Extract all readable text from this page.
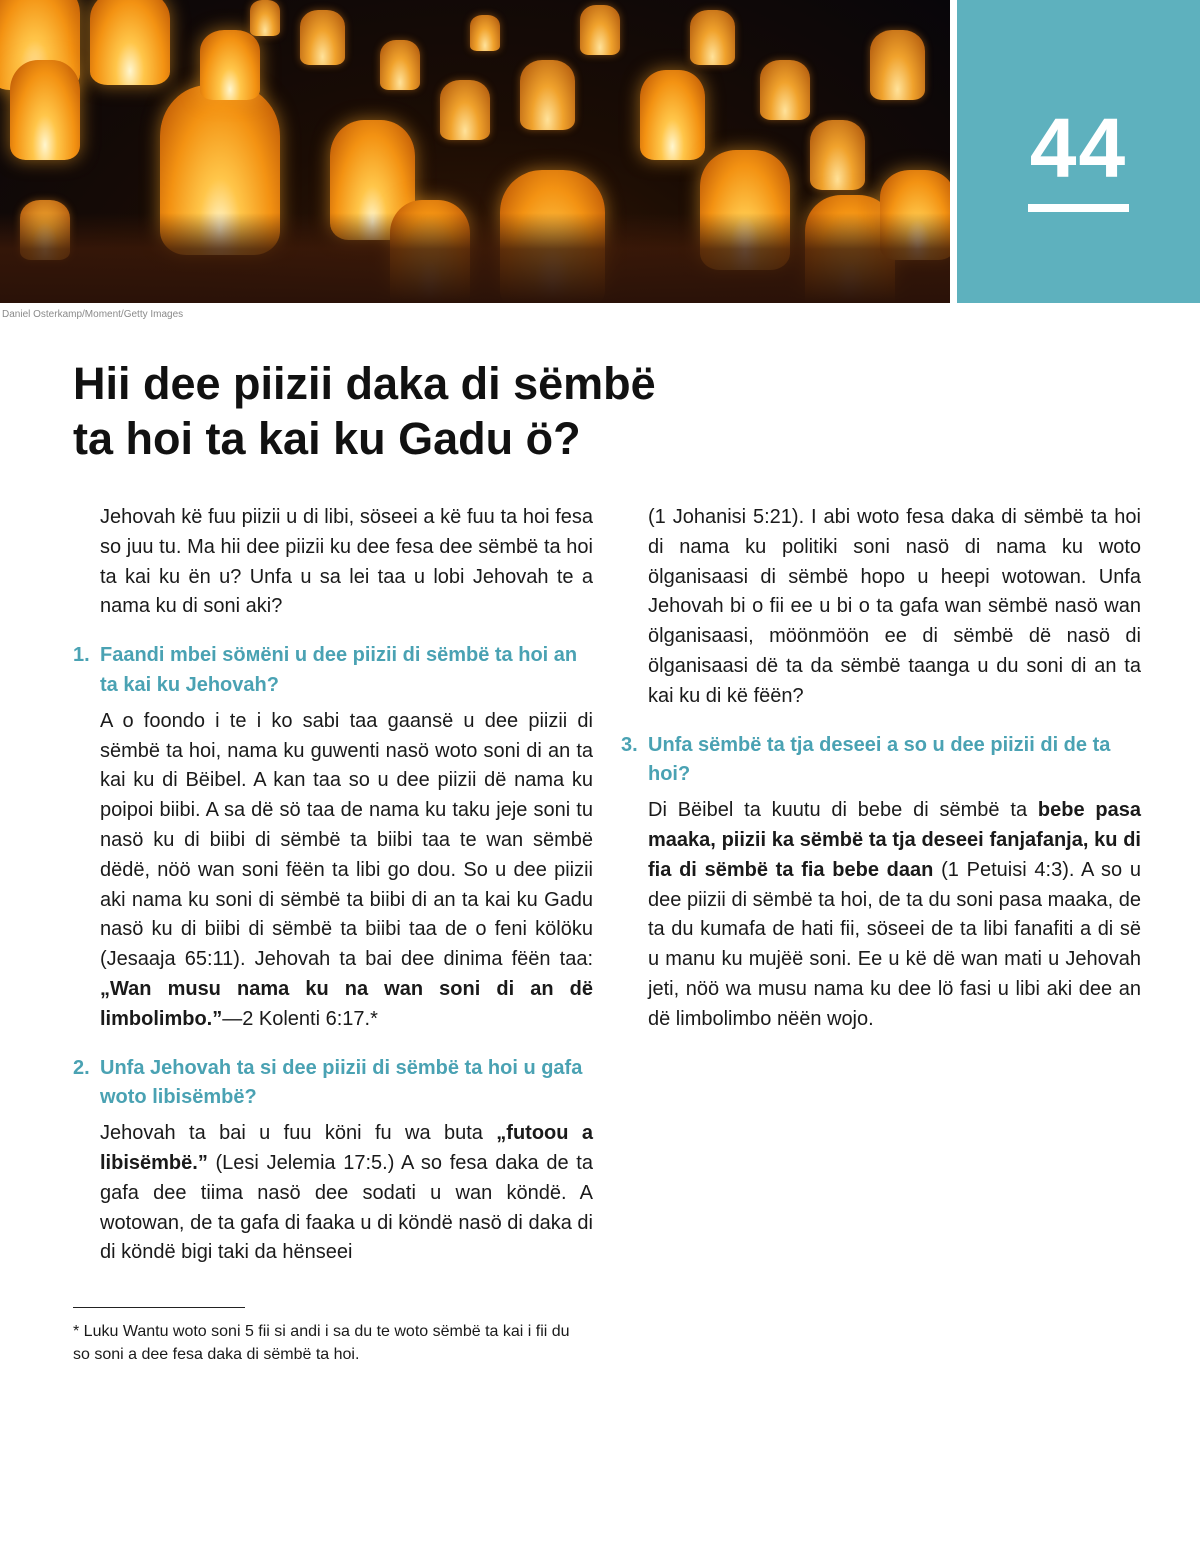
44
Daniel Osterkamp/Moment/Getty Images
Hii dee piizii daka di sëmbë
ta hoi ta kai ku Gadu ö?

Jehovah kë fuu piizii u di libi, söseei a kë fuu ta hoi fesa so juu tu. Ma hii dee piizii ku dee fesa dee sëmbë ta hoi ta kai ku ën u? Unfa u sa lei taa u lobi Jehovah te a nama ku di soni aki?

1. Faandi mbei söмëni u dee piizii di sëmbë ta hoi an ta kai ku Jehovah?

A o foondo i te i ko sabi taa gaansë u dee piizii di sëmbë ta hoi, nama ku guwenti nasö woto soni di an ta kai ku di Bëibel. A kan taa so u dee piizii dë nama ku poipoi biibi. A sa dë sö taa de nama ku taku jeje soni tu nasö ku di biibi di sëmbë ta biibi taa te wan sëmbë dëdë, nöö wan soni fëën ta libi go dou. So u dee piizii aki nama ku soni di sëmbë ta biibi di an ta kai ku Gadu nasö ku di biibi di sëmbë ta biibi taa de o feni kölöku (Jesaaja 65:11). Jehovah ta bai dee dinima fëën taa: „Wan musu nama ku na wan soni di an dë limbolimbo.”—2 Kolenti 6:17.*

2. Unfa Jehovah ta si dee piizii di sëmbë ta hoi u gafa woto libisëmbë?

Jehovah ta bai u fuu köni fu wa buta „futoou a libisëmbë.” (Lesi Jelemia 17:5.) A so fesa daka de ta gafa dee tiima nasö dee sodati u wan köndë. A wotowan, de ta gafa di faaka u di köndë nasö di daka di di köndë bigi taki da hënseei

* Luku Wantu woto soni 5 fii si andi i sa du te woto sëmbë ta kai i fii du so soni a dee fesa daka di sëmbë ta hoi.

(1 Johanisi 5:21). I abi woto fesa daka di sëmbë ta hoi di nama ku politiki soni nasö di nama ku woto ölganisaasi di sëmbë hopo u heepi wotowan. Unfa Jehovah bi o fii ee u bi o ta gafa wan sëmbë nasö wan ölganisaasi, möönmöön ee di sëmbë dë nasö di ölganisaasi dë ta da sëmbë taanga u du soni di an ta kai ku di kë fëën?

3. Unfa sëmbë ta tja deseei a so u dee piizii di de ta hoi?

Di Bëibel ta kuutu di bebe di sëmbë ta bebe pasa maaka, piizii ka sëmbë ta tja deseei fanjafanja, ku di fia di sëmbë ta fia bebe daan (1 Petuisi 4:3). A so u dee piizii di sëmbë ta hoi, de ta du soni pasa maaka, de ta du kumafa de hati fii, söseei de ta libi fanafiti a di së u manu ku mujëë soni. Ee u kë dë wan mati u Jehovah jeti, nöö wa musu nama ku dee lö fasi u libi aki dee an dë limbolimbo nëën wojo.
